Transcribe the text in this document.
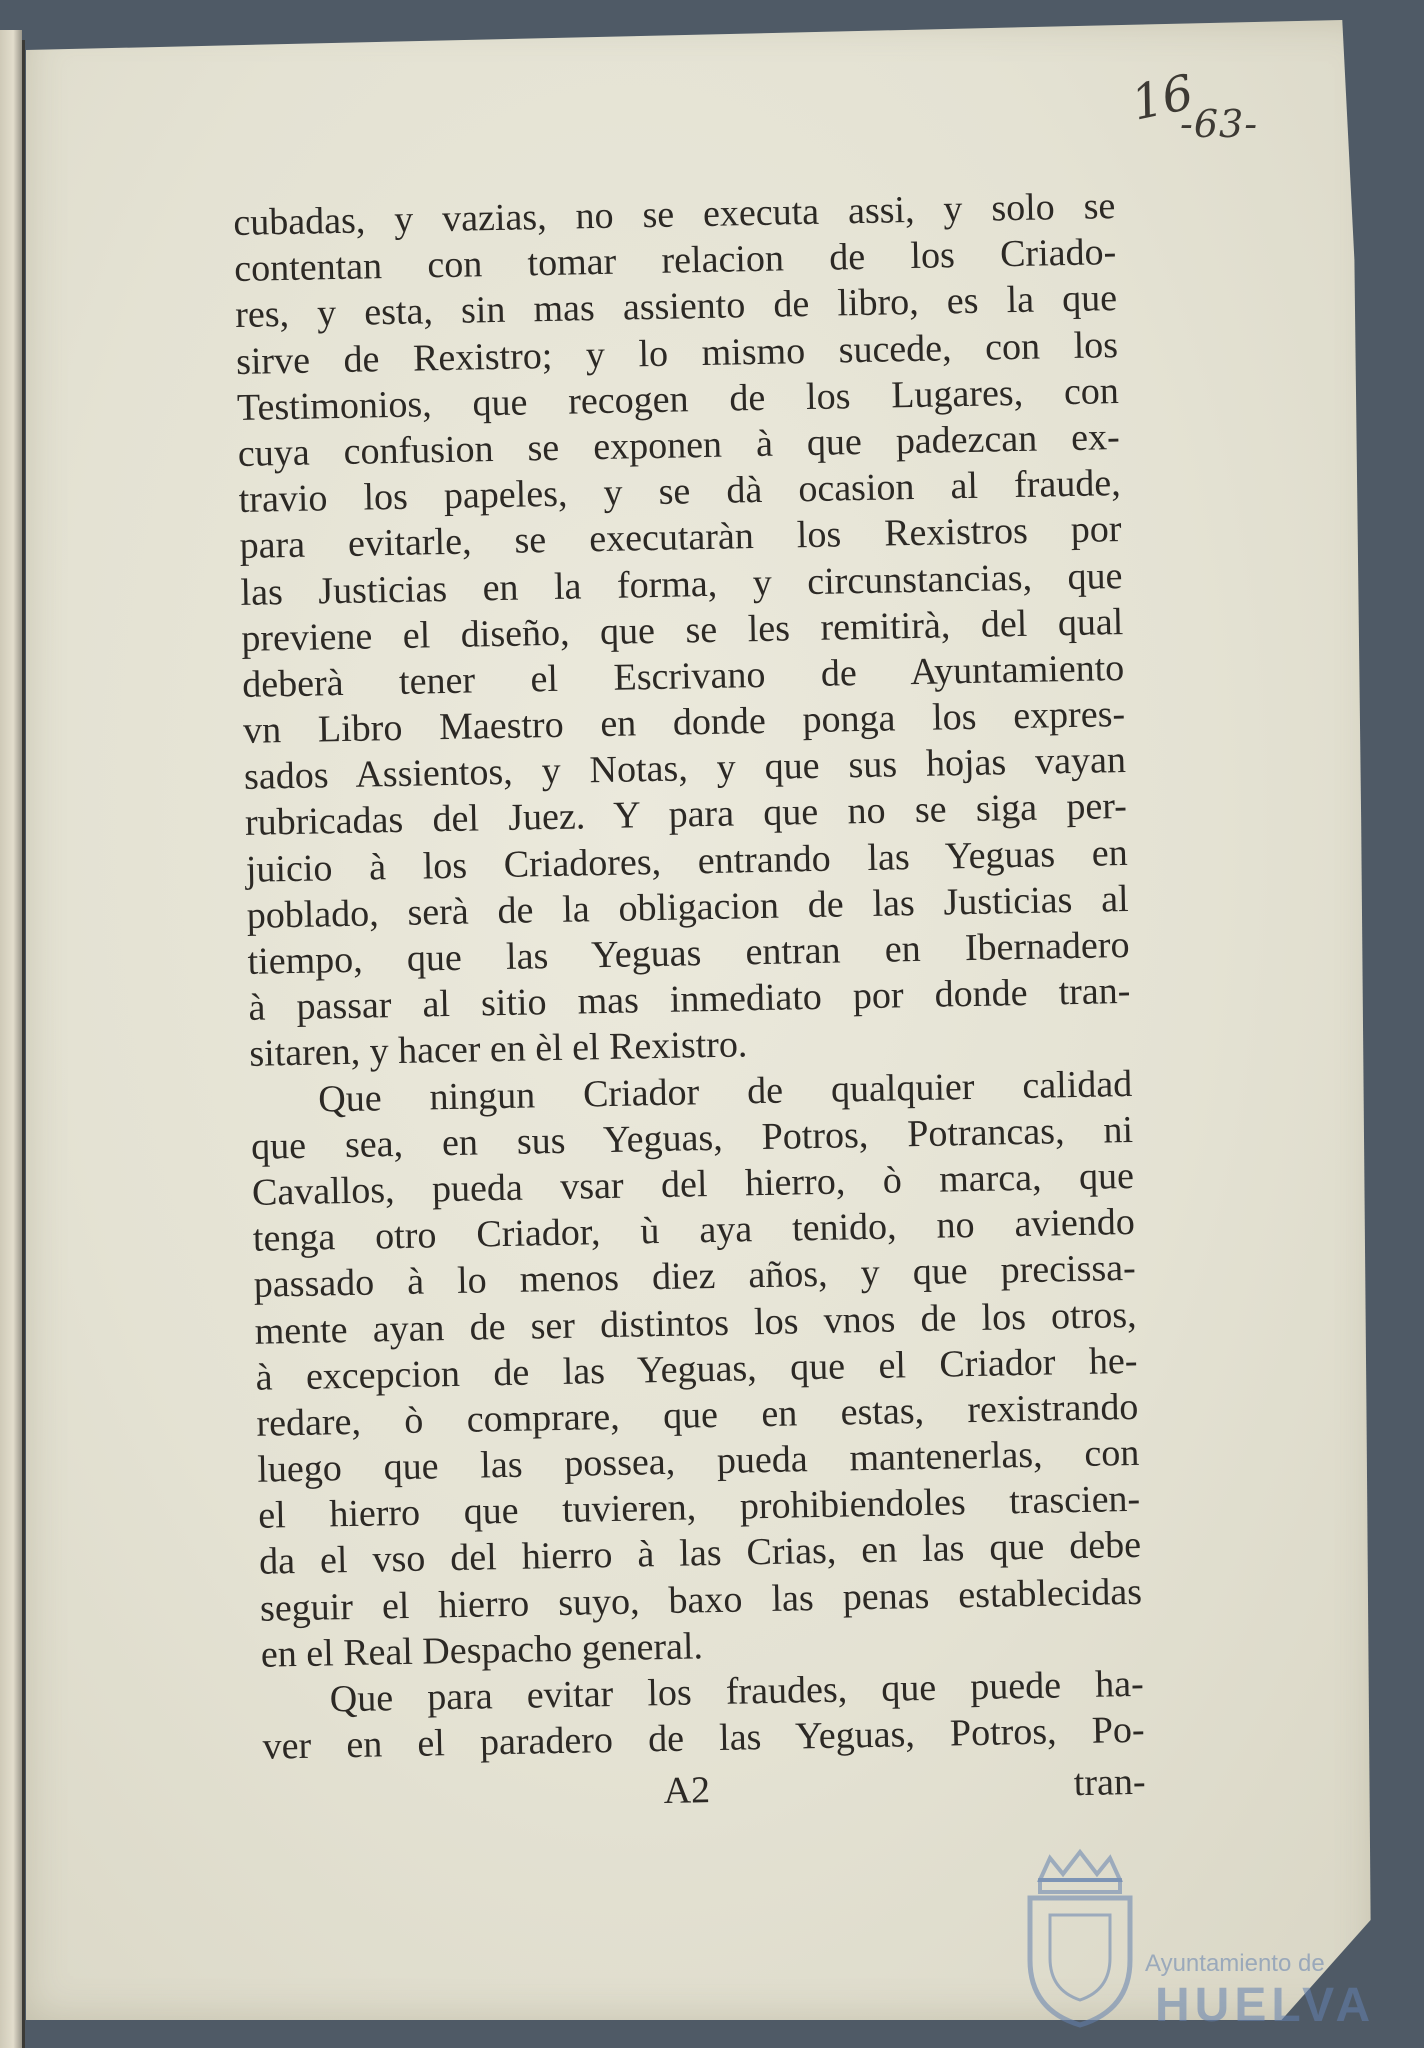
16
-63-
cubadas, y vazias, no se executa assi, y solo se
contentan con tomar relacion de los Criado-
res, y esta, sin mas assiento de libro, es la que
sirve de Rexistro; y lo mismo sucede, con los
Testimonios, que recogen de los Lugares, con
cuya confusion se exponen à que padezcan ex-
travio los papeles, y se dà ocasion al fraude,
para evitarle, se executaràn los Rexistros por
las Justicias en la forma, y circunstancias, que
previene el diseño, que se les remitirà, del qual
deberà tener el Escrivano de Ayuntamiento
vn Libro Maestro en donde ponga los expres-
sados Assientos, y Notas, y que sus hojas vayan
rubricadas del Juez. Y para que no se siga per-
juicio à los Criadores, entrando las Yeguas en
poblado, serà de la obligacion de las Justicias al
tiempo, que las Yeguas entran en Ibernadero
à passar al sitio mas inmediato por donde tran-
sitaren, y hacer en èl el Rexistro.
Que ningun Criador de qualquier calidad
que sea, en sus Yeguas, Potros, Potrancas, ni
Cavallos, pueda vsar del hierro, ò marca, que
tenga otro Criador, ù aya tenido, no aviendo
passado à lo menos diez años, y que precissa-
mente ayan de ser distintos los vnos de los otros,
à excepcion de las Yeguas, que el Criador he-
redare, ò comprare, que en estas, rexistrando
luego que las possea, pueda mantenerlas, con
el hierro que tuvieren, prohibiendoles trascien-
da el vso del hierro à las Crias, en las que debe
seguir el hierro suyo, baxo las penas establecidas
en el Real Despacho general.
Que para evitar los fraudes, que puede ha-
ver en el paradero de las Yeguas, Potros, Po-
A2	tran-
Ayuntamiento de
HUELVA
